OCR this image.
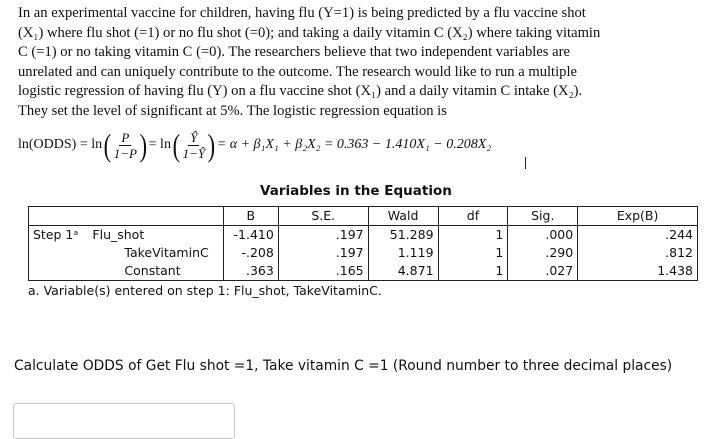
In an experimental vaccine for children, having flu (Y=1) is being predicted by a flu vaccine shot
(X₁) where flu shot (=1) or no flu shot (=0); and taking a daily vitamin C (X₂) where taking vitamin
C (=1) or no taking vitamin C (=0). The researchers believe that two independent variables are
unrelated and can uniquely contribute to the outcome. The research would like to run a multiple
logistic regression of having flu (Y) on a flu vaccine shot (X₁) and a daily vitamin C intake (X₂).
They set the level of significant at 5%. The logistic regression equation is
ln(ODDS) = ln ( $\frac{P}{1-P}$ ) = ln ( $\frac{Ŷ}{1-Ŷ}$ ) = α + β₁X₁ + β₂X₂ = 0.363 − 1.410X₁ − 0.208X₂
Variables in the Equation
		B	S.E.	Wald	df	Sig.	Exp(B)
Step 1ᵃ	Flu_shot	-1.410	.197	51.289	1	.000	.244
	TakeVitaminC	-.208	.197	1.119	1	.290	.812
	Constant	.363	.165	4.871	1	.027	1.438
a. Variable(s) entered on step 1: Flu_shot, TakeVitaminC.
Calculate ODDS of Get Flu shot =1, Take vitamin C =1 (Round number to three decimal places)
